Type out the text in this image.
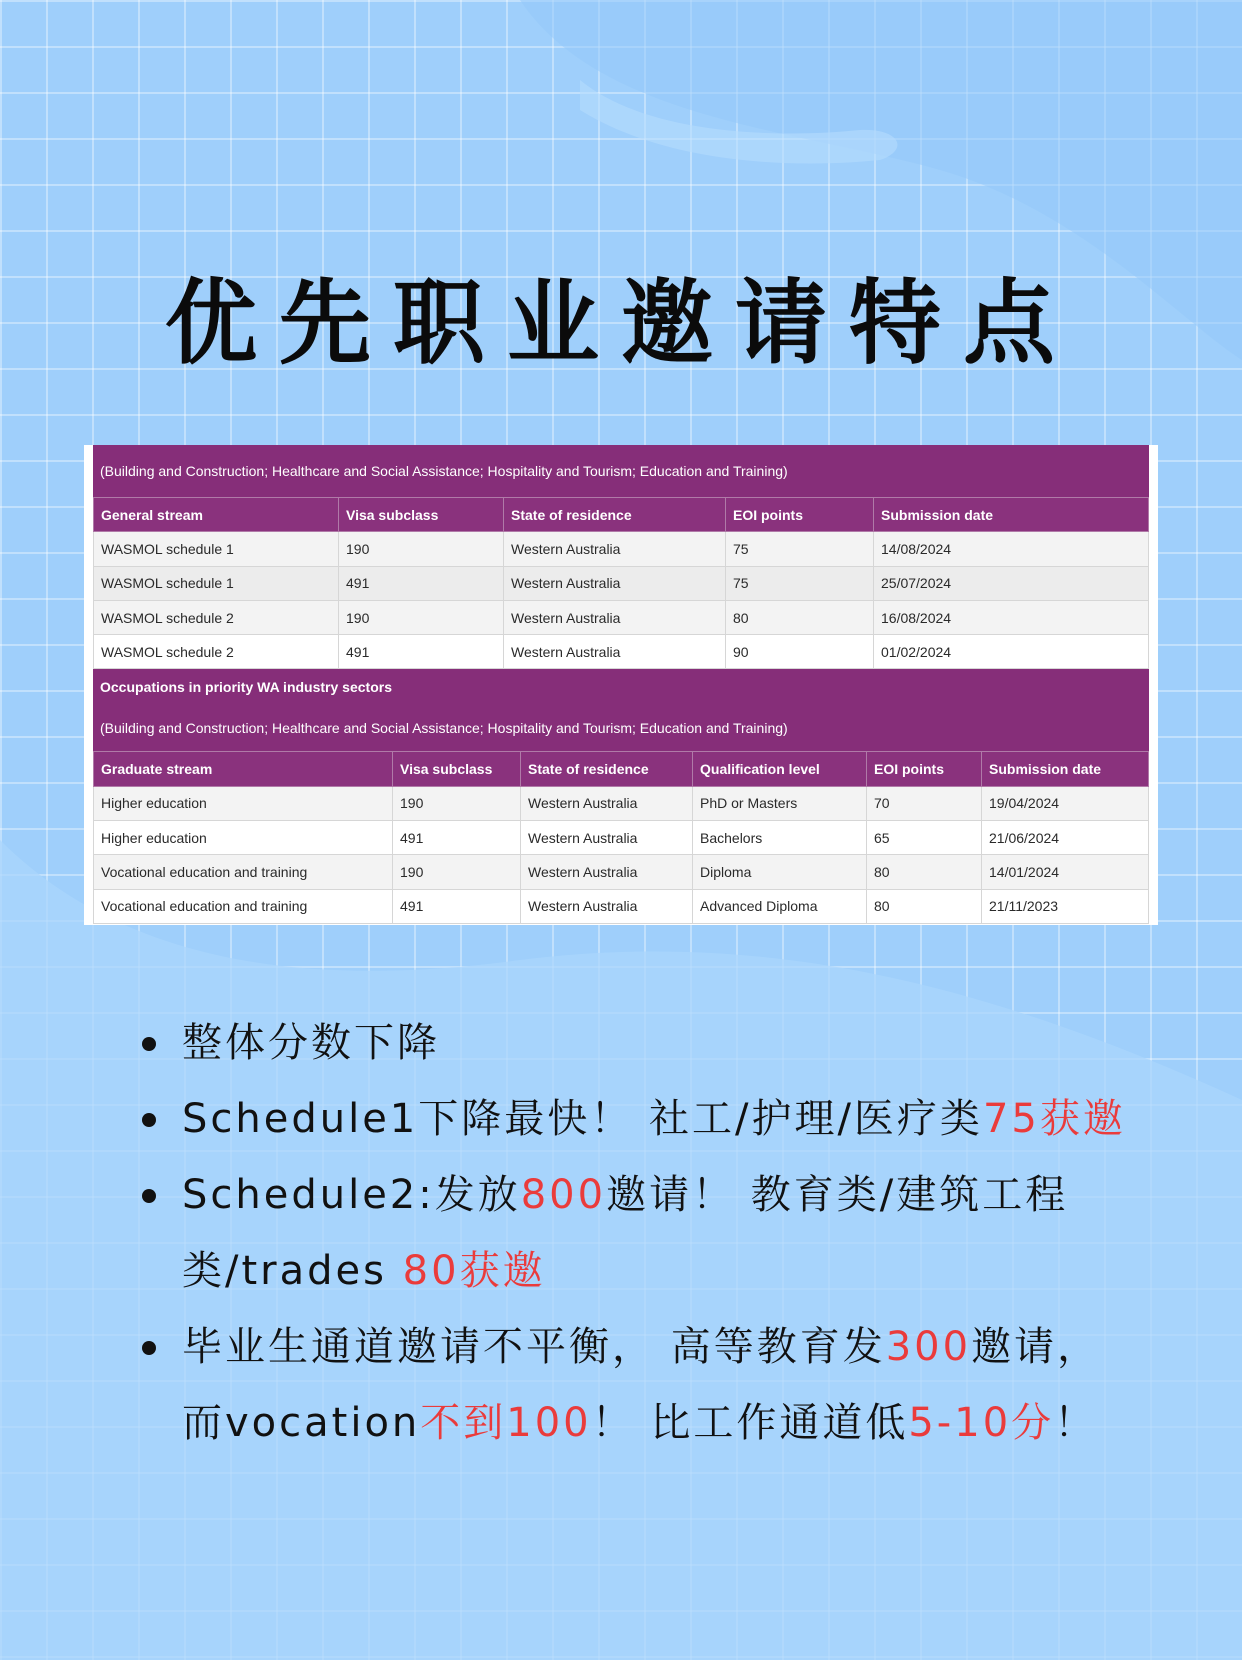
优先职业邀请特点
(Building and Construction; Healthcare and Social Assistance; Hospitality and Tourism; Education and Training)
General stream	Visa subclass	State of residence	EOI points	Submission date
WASMOL schedule 1	190	Western Australia	75	14/08/2024
WASMOL schedule 1	491	Western Australia	75	25/07/2024
WASMOL schedule 2	190	Western Australia	80	16/08/2024
WASMOL schedule 2	491	Western Australia	90	01/02/2024
Occupations in priority WA industry sectors
(Building and Construction; Healthcare and Social Assistance; Hospitality and Tourism; Education and Training)
Graduate stream	Visa subclass	State of residence	Qualification level	EOI points	Submission date
Higher education	190	Western Australia	PhD or Masters	70	19/04/2024
Higher education	491	Western Australia	Bachelors	65	21/06/2024
Vocational education and training	190	Western Australia	Diploma	80	14/01/2024
Vocational education and training	491	Western Australia	Advanced Diploma	80	21/11/2023
整体分数下降
Schedule1下降最快！ 社工/护理/医疗类75获邀
Schedule2:发放800邀请！ 教育类/建筑工程
类/trades 80获邀
毕业生通道邀请不平衡， 高等教育发300邀请，
而vocation不到100！ 比工作通道低5-10分！
